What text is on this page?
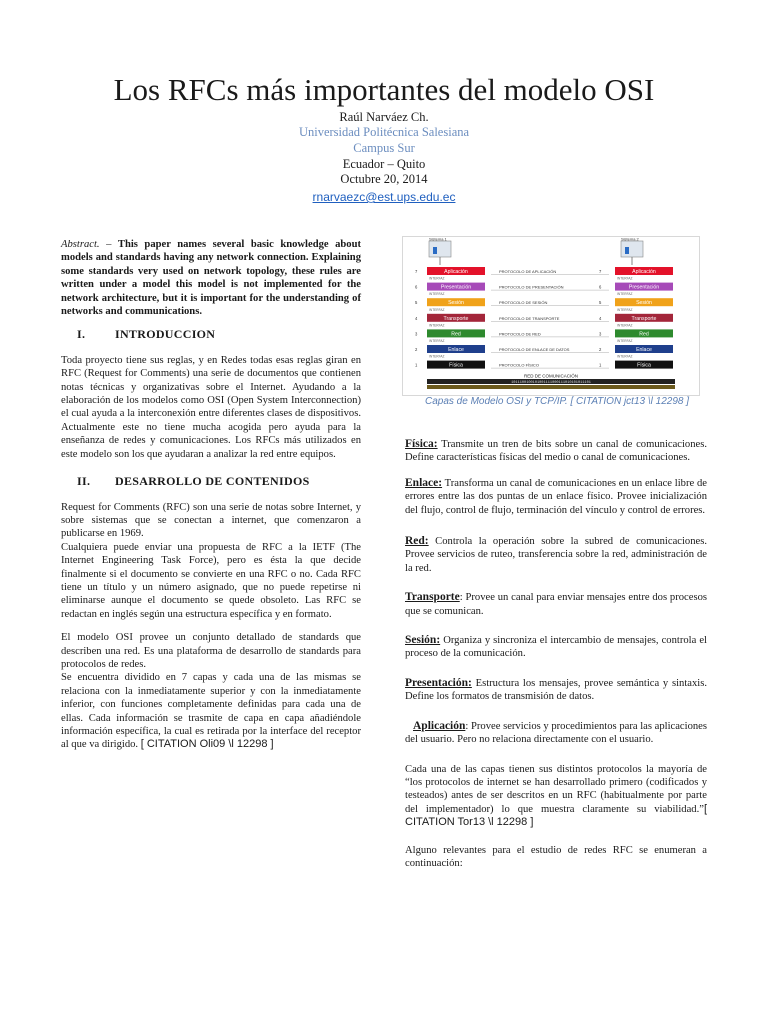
Los RFCs más importantes del modelo OSI
Raúl Narváez Ch.
Universidad Politécnica Salesiana
Campus Sur
Ecuador – Quito
Octubre 20, 2014
rnarvaezc@est.ups.edu.ec

Abstract. – This paper names several basic knowledge about models and standards having any network connection. Explaining some standards very used on network topology, these rules are written under a model this model is not implemented for the network architecture, but it is important for the understanding of networks and communications.

I. INTRODUCCION

Toda proyecto tiene sus reglas, y en Redes todas esas reglas giran en RFC (Request for Comments) una serie de documentos que contienen notas técnicas y organizativas sobre el Internet. Ayudando a la elaboración de los modelos como OSI (Open System Interconnection) el cual ayuda a la interconexión entre diferentes clases de dispositivos. Actualmente este no tiene mucha acogida pero ayuda para la enseñanza de redes y comunicaciones. Los RFCs más utilizados en este modelo son los que ayudaran a analizar la red entre equipos.

II. DESARROLLO DE CONTENIDOS

Request for Comments (RFC) son una serie de notas sobre Internet, y sobre sistemas que se conectan a internet, que comenzaron a publicarse en 1969.

Cualquiera puede enviar una propuesta de RFC a la IETF (The Internet Engineering Task Force), pero es ésta la que decide finalmente si el documento se convierte en una RFC o no. Cada RFC tiene un título y un número asignado, que no puede repetirse ni eliminarse aunque el documento se quede obsoleto. Las RFC se redactan en inglés según una estructura específica y en formato.

El modelo OSI provee un conjunto detallado de standards que describen una red. Es una plataforma de desarrollo de standards para protocolos de redes.

Se encuentra dividido en 7 capas y cada una de las mismas se relaciona con la inmediatamente superior y con la inmediatamente inferior, con funciones completamente definidas para cada una de ellas. Cada información se trasmite de capa en capa añadiéndole información específica, la cual es retirada por la interface del receptor al que va dirigido. [ CITATION Oli09 \l 12298 ]

Sistema 1	Sistema 2
7	Aplicación	PROTOCOLO DE APLICACIÓN	7	Aplicación
INTERFAZ	INTERFAZ
6	Presentación	PROTOCOLO DE PRESENTACIÓN	6	Presentación
INTERFAZ	INTERFAZ
5	Sesión	PROTOCOLO DE SESIÓN	5	Sesión
INTERFAZ	INTERFAZ
4	Transporte	PROTOCOLO DE TRANSPORTE	4	Transporte
INTERFAZ	INTERFAZ
3	Red	PROTOCOLO DE RED	3	Red
INTERFAZ	INTERFAZ
2	Enlace	PROTOCOLO DE ENLACE DE DATOS	2	Enlace
INTERFAZ	INTERFAZ
1	Física	PROTOCOLO FÍSICO	1	Física
1011100100101001111000111010101011101
RED DE COMUNICACIÓN
Capas de Modelo OSI y TCP/IP. [ CITATION jct13 \l 12298 ]

Física: Transmite un tren de bits sobre un canal de comunicaciones. Define características físicas del medio o canal de comunicaciones.

Enlace: Transforma un canal de comunicaciones en un enlace libre de errores entre las dos puntas de un enlace físico. Provee inicialización del flujo, control de flujo, terminación del vínculo y control de errores.

Red: Controla la operación sobre la subred de comunicaciones. Provee servicios de ruteo, transferencia sobre la red, administración de la red.

Transporte: Provee un canal para enviar mensajes entre dos procesos que se comunican.

Sesión: Organiza y sincroniza el intercambio de mensajes, controla el proceso de la comunicación.

Presentación: Estructura los mensajes, provee semántica y sintaxis. Define los formatos de transmisión de datos.

Aplicación: Provee servicios y procedimientos para las aplicaciones del usuario. Pero no relaciona directamente con el usuario.

Cada una de las capas tienen sus distintos protocolos la mayoría de “los protocolos de internet se han desarrollado primero (codificados y testeados) antes de ser descritos en un RFC (habitualmente por parte del implementador) lo que muestra claramente su viabilidad.”[ CITATION Tor13 \l 12298 ]

Alguno relevantes para el estudio de redes RFC se enumeran a continuación:
